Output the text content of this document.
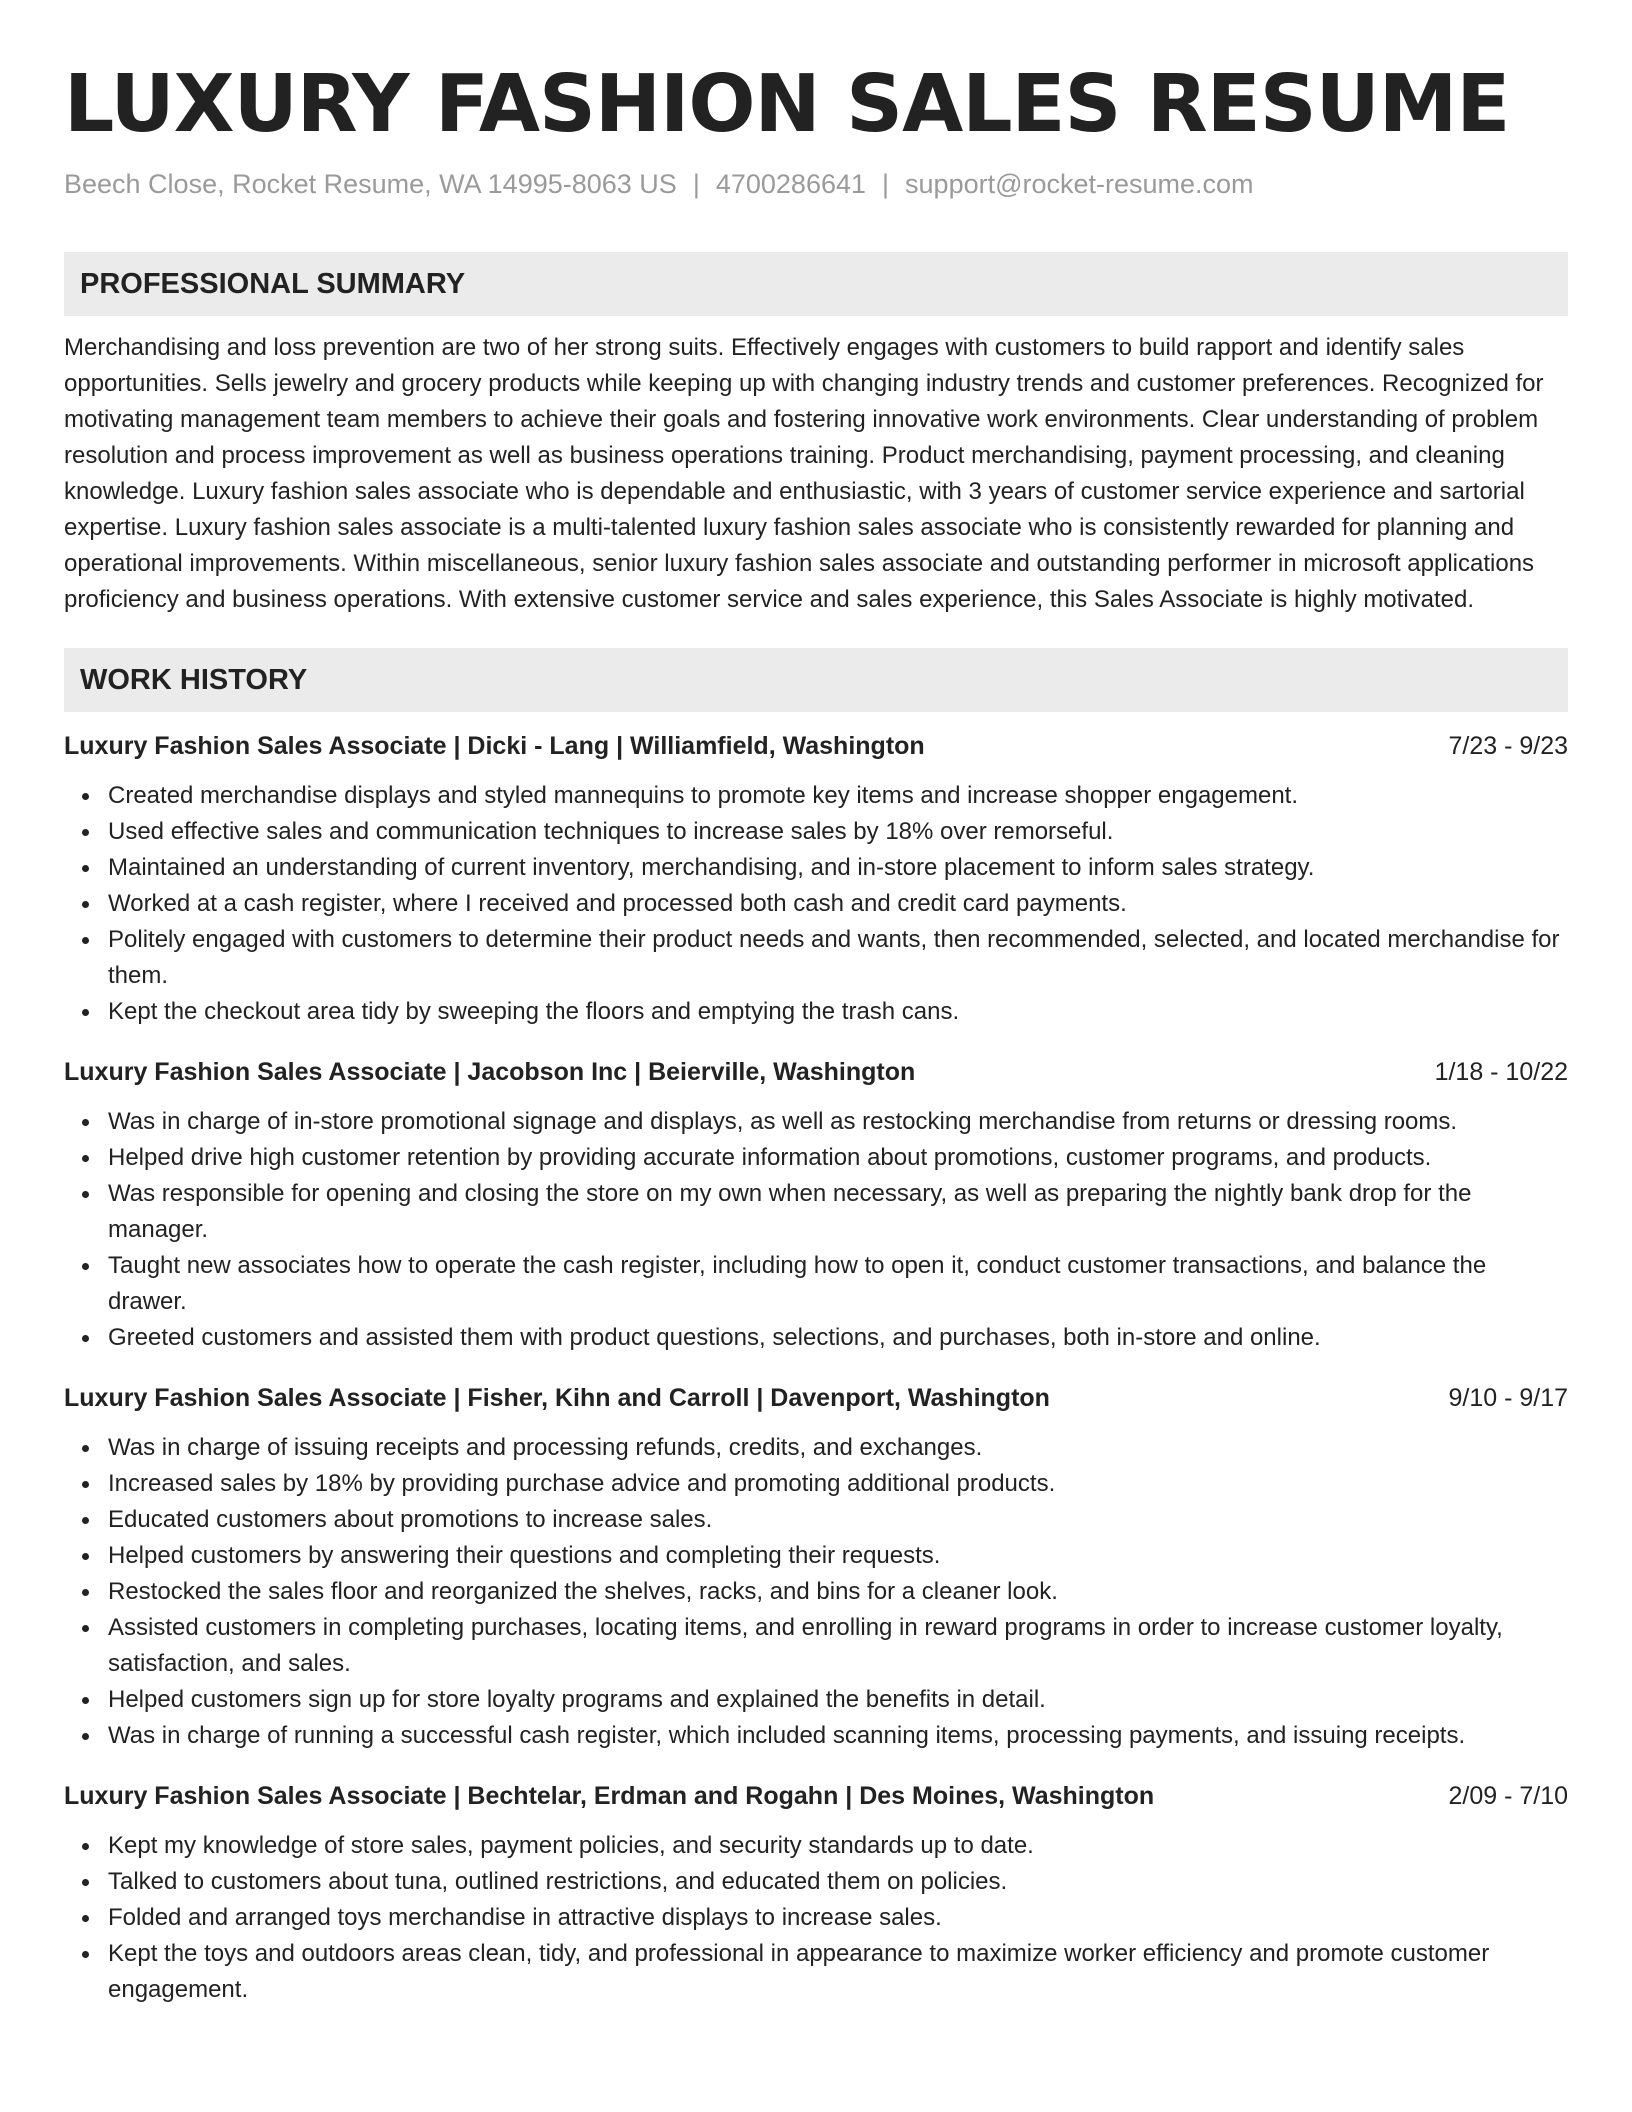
LUXURY FASHION SALES RESUME
Beech Close, Rocket Resume, WA 14995-8063 US | 4700286641 | support@rocket-resume.com
PROFESSIONAL SUMMARY

Merchandising and loss prevention are two of her strong suits. Effectively engages with customers to build rapport and identify sales opportunities. Sells jewelry and grocery products while keeping up with changing industry trends and customer preferences. Recognized for motivating management team members to achieve their goals and fostering innovative work environments. Clear understanding of problem resolution and process improvement as well as business operations training. Product merchandising, payment processing, and cleaning knowledge. Luxury fashion sales associate who is dependable and enthusiastic, with 3 years of customer service experience and sartorial expertise. Luxury fashion sales associate is a multi-talented luxury fashion sales associate who is consistently rewarded for planning and operational improvements. Within miscellaneous, senior luxury fashion sales associate and outstanding performer in microsoft applications proficiency and business operations. With extensive customer service and sales experience, this Sales Associate is highly motivated.

WORK HISTORY
Luxury Fashion Sales Associate | Dicki - Lang | Williamfield, Washington	7/23 - 9/23
Created merchandise displays and styled mannequins to promote key items and increase shopper engagement.
Used effective sales and communication techniques to increase sales by 18% over remorseful.
Maintained an understanding of current inventory, merchandising, and in-store placement to inform sales strategy.
Worked at a cash register, where I received and processed both cash and credit card payments.
Politely engaged with customers to determine their product needs and wants, then recommended, selected, and located merchandise for them.
Kept the checkout area tidy by sweeping the floors and emptying the trash cans.
Luxury Fashion Sales Associate | Jacobson Inc | Beierville, Washington	1/18 - 10/22
Was in charge of in-store promotional signage and displays, as well as restocking merchandise from returns or dressing rooms.
Helped drive high customer retention by providing accurate information about promotions, customer programs, and products.
Was responsible for opening and closing the store on my own when necessary, as well as preparing the nightly bank drop for the manager.
Taught new associates how to operate the cash register, including how to open it, conduct customer transactions, and balance the drawer.
Greeted customers and assisted them with product questions, selections, and purchases, both in-store and online.
Luxury Fashion Sales Associate | Fisher, Kihn and Carroll | Davenport, Washington	9/10 - 9/17
Was in charge of issuing receipts and processing refunds, credits, and exchanges.
Increased sales by 18% by providing purchase advice and promoting additional products.
Educated customers about promotions to increase sales.
Helped customers by answering their questions and completing their requests.
Restocked the sales floor and reorganized the shelves, racks, and bins for a cleaner look.
Assisted customers in completing purchases, locating items, and enrolling in reward programs in order to increase customer loyalty, satisfaction, and sales.
Helped customers sign up for store loyalty programs and explained the benefits in detail.
Was in charge of running a successful cash register, which included scanning items, processing payments, and issuing receipts.
Luxury Fashion Sales Associate | Bechtelar, Erdman and Rogahn | Des Moines, Washington	2/09 - 7/10
Kept my knowledge of store sales, payment policies, and security standards up to date.
Talked to customers about tuna, outlined restrictions, and educated them on policies.
Folded and arranged toys merchandise in attractive displays to increase sales.
Kept the toys and outdoors areas clean, tidy, and professional in appearance to maximize worker efficiency and promote customer engagement.
